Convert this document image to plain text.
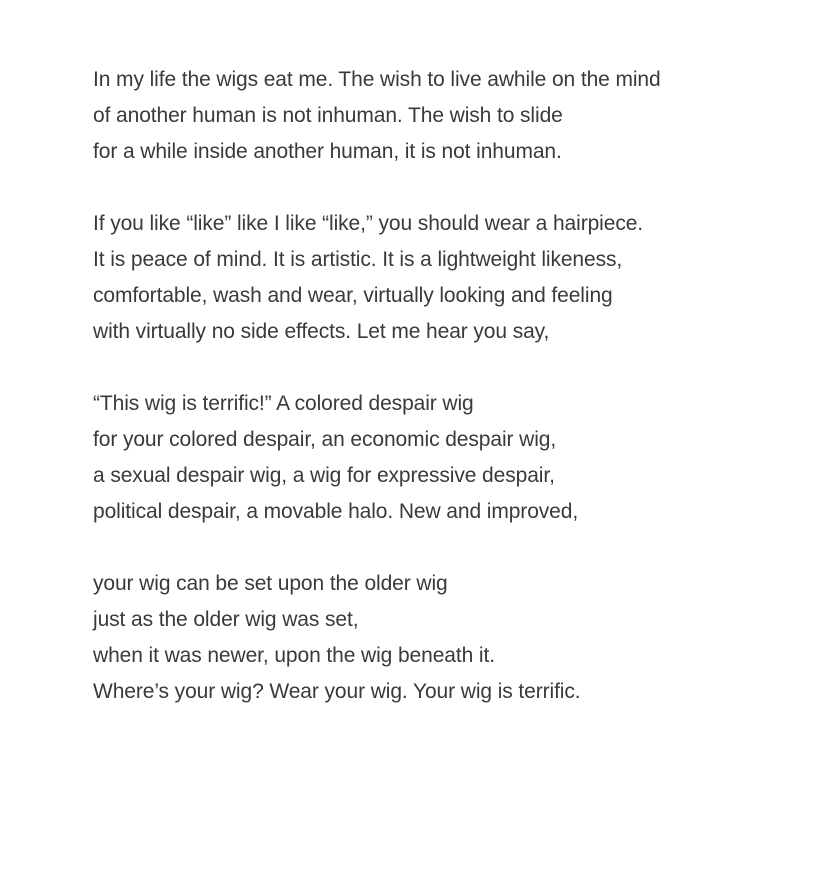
In my life the wigs eat me. The wish to live awhile on the mind
of another human is not inhuman. The wish to slide
for a while inside another human, it is not inhuman.
If you like “like” like I like “like,” you should wear a hairpiece.
It is peace of mind. It is artistic. It is a lightweight likeness,
comfortable, wash and wear, virtually looking and feeling
with virtually no side effects. Let me hear you say,
“This wig is terrific!” A colored despair wig
for your colored despair, an economic despair wig,
a sexual despair wig, a wig for expressive despair,
political despair, a movable halo. New and improved,
your wig can be set upon the older wig
just as the older wig was set,
when it was newer, upon the wig beneath it.
Where’s your wig? Wear your wig. Your wig is terrific.
